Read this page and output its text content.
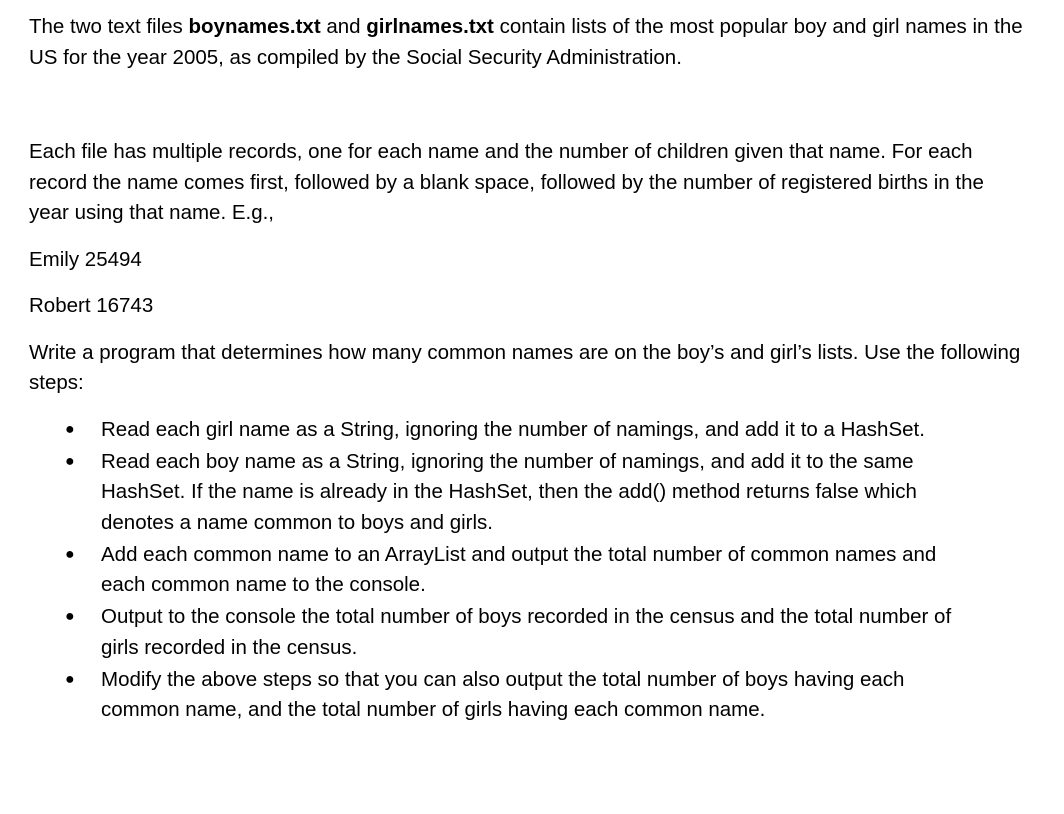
The two text files boynames.txt and girlnames.txt contain lists of the most popular boy and girl names in the US for the year 2005, as compiled by the Social Security Administration.

Each file has multiple records, one for each name and the number of children given that name. For each record the name comes first, followed by a blank space, followed by the number of registered births in the year using that name. E.g.,

Emily 25494

Robert 16743

Write a program that determines how many common names are on the boy’s and girl’s lists. Use the following steps:

● Read each girl name as a String, ignoring the number of namings, and add it to a HashSet.
● Read each boy name as a String, ignoring the number of namings, and add it to the same HashSet. If the name is already in the HashSet, then the add() method returns false which denotes a name common to boys and girls.
● Add each common name to an ArrayList and output the total number of common names and each common name to the console.
● Output to the console the total number of boys recorded in the census and the total number of girls recorded in the census.
● Modify the above steps so that you can also output the total number of boys having each common name, and the total number of girls having each common name.
